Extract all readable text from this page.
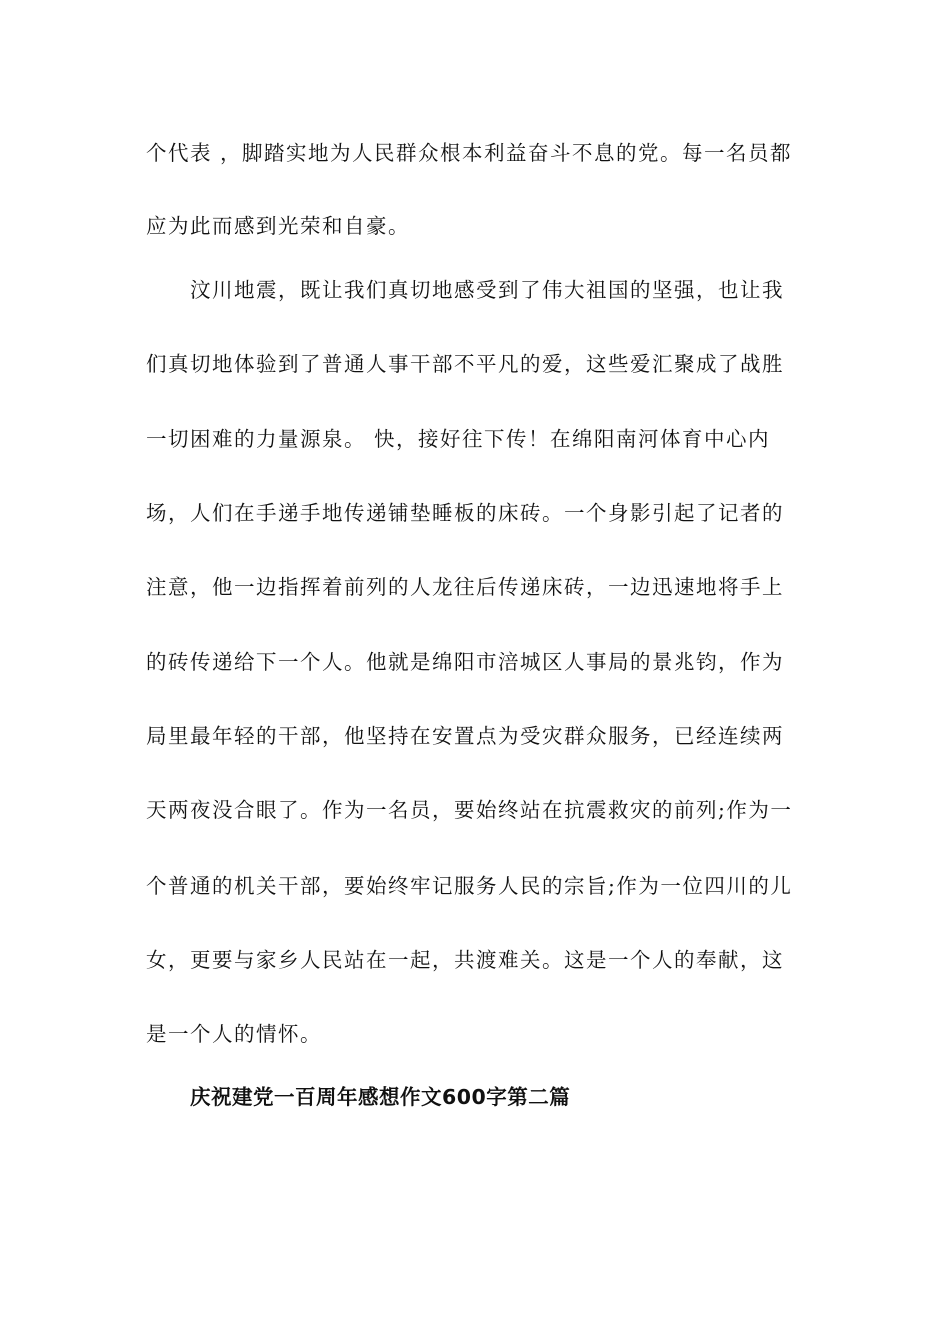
个代表 ，脚踏实地为人民群众根本利益奋斗不息的党。每一名员都
应为此而感到光荣和自豪。
汶川地震，既让我们真切地感受到了伟大祖国的坚强，也让我
们真切地体验到了普通人事干部不平凡的爱，这些爱汇聚成了战胜
一切困难的力量源泉。 快，接好往下传！在绵阳南河体育中心内
场，人们在手递手地传递铺垫睡板的床砖。一个身影引起了记者的
注意，他一边指挥着前列的人龙往后传递床砖，一边迅速地将手上
的砖传递给下一个人。他就是绵阳市涪城区人事局的景兆钧，作为
局里最年轻的干部，他坚持在安置点为受灾群众服务，已经连续两
天两夜没合眼了。作为一名员，要始终站在抗震救灾的前列;作为一
个普通的机关干部，要始终牢记服务人民的宗旨;作为一位四川的儿
女，更要与家乡人民站在一起，共渡难关。这是一个人的奉献，这
是一个人的情怀。
庆祝建党一百周年感想作文600字第二篇
